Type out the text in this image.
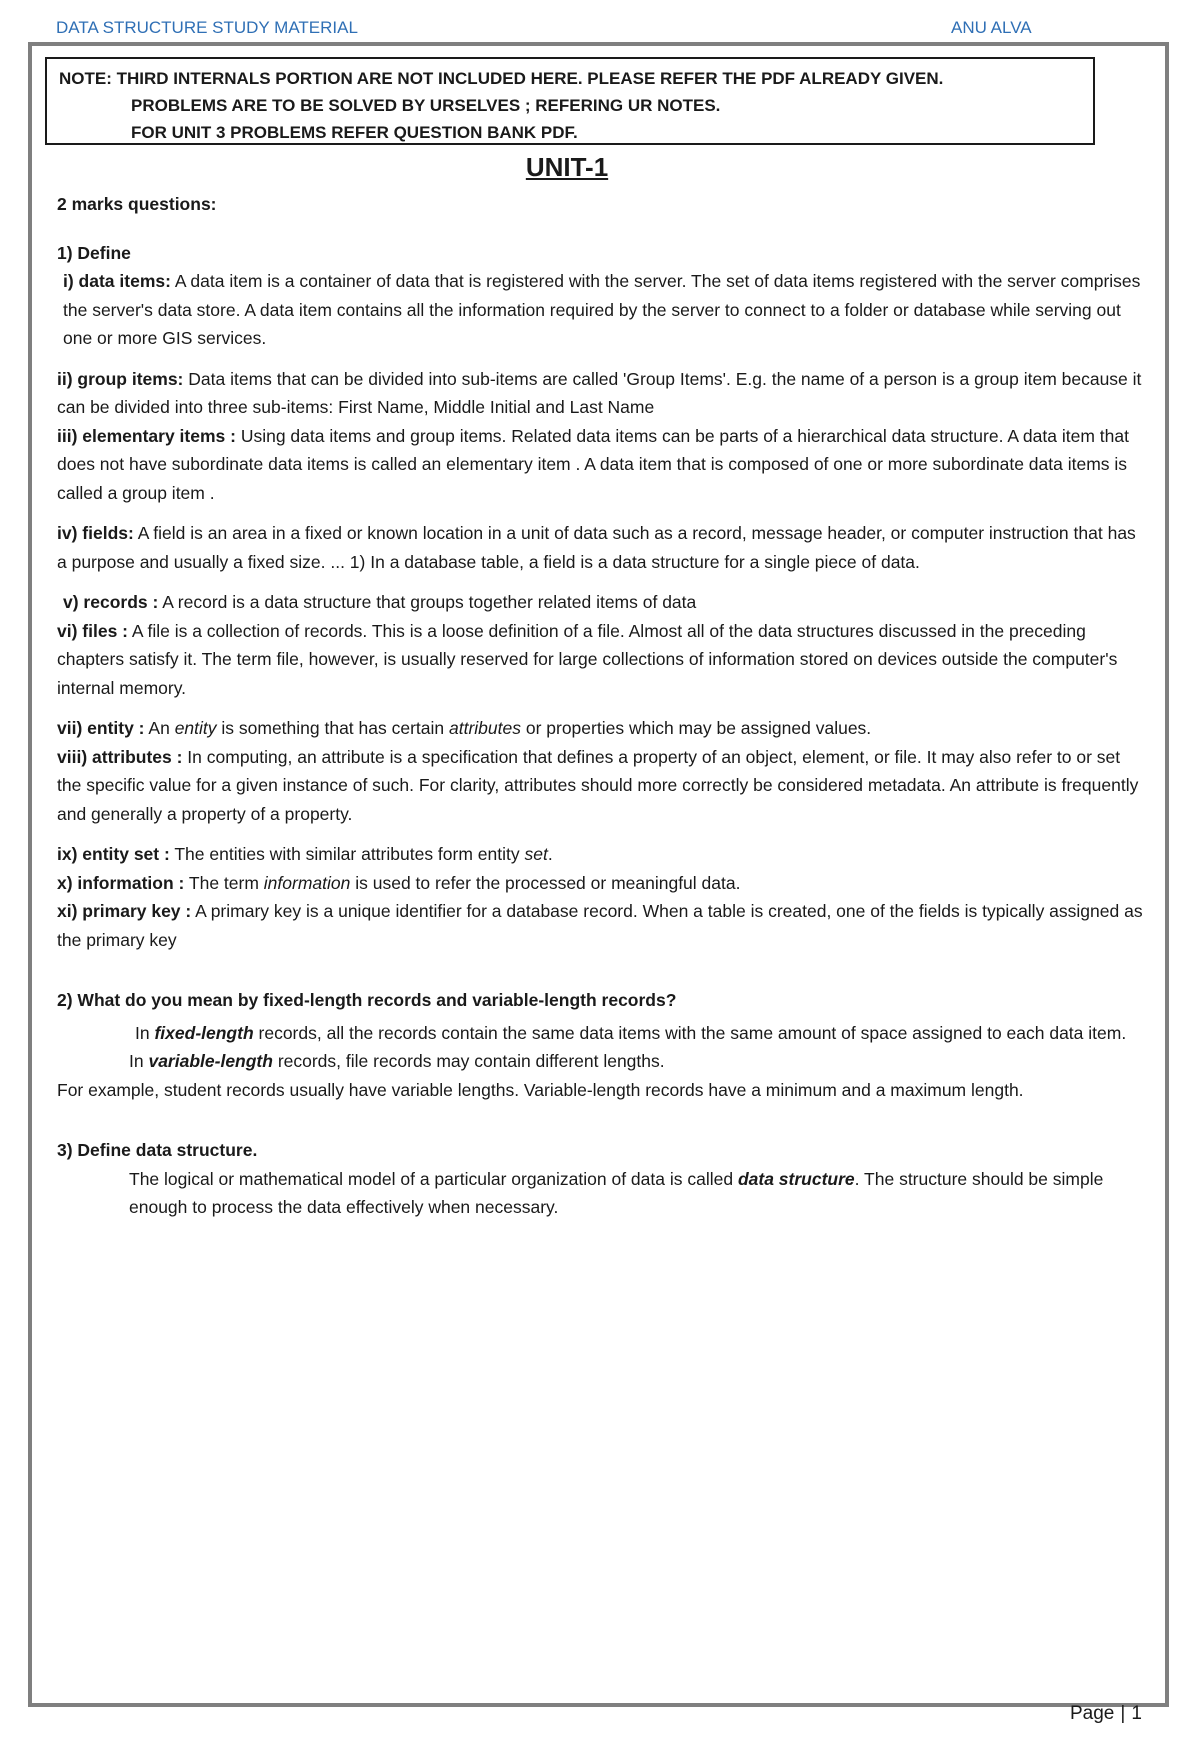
DATA STRUCTURE STUDY MATERIAL	ANU ALVA
NOTE: THIRD INTERNALS PORTION ARE NOT INCLUDED HERE. PLEASE REFER THE PDF ALREADY GIVEN.

PROBLEMS ARE TO BE SOLVED BY URSELVES ; REFERING UR NOTES.
FOR UNIT 3 PROBLEMS REFER QUESTION BANK PDF.
UNIT-1

2 marks questions:

1) Define

i) data items: A data item is a container of data that is registered with the server. The set of data items registered with the server comprises the server's data store. A data item contains all the information required by the server to connect to a folder or database while serving out one or more GIS services.

ii) group items: Data items that can be divided into sub-items are called 'Group Items'. E.g. the name of a person is a group item because it can be divided into three sub-items: First Name, Middle Initial and Last Name

iii) elementary items : Using data items and group items. Related data items can be parts of a hierarchical data structure. A data item that does not have subordinate data items is called an elementary item . A data item that is composed of one or more subordinate data items is called a group item .

iv) fields: A field is an area in a fixed or known location in a unit of data such as a record, message header, or computer instruction that has a purpose and usually a fixed size. ... 1) In a database table, a field is a data structure for a single piece of data.

v) records : A record is a data structure that groups together related items of data

vi) files : A file is a collection of records. This is a loose definition of a file. Almost all of the data structures discussed in the preceding chapters satisfy it. The term file, however, is usually reserved for large collections of information stored on devices outside the computer's internal memory.

vii) entity : An entity is something that has certain attributes or properties which may be assigned values.

viii) attributes : In computing, an attribute is a specification that defines a property of an object, element, or file. It may also refer to or set the specific value for a given instance of such. For clarity, attributes should more correctly be considered metadata. An attribute is frequently and generally a property of a property.

ix) entity set : The entities with similar attributes form entity set.

x) information : The term information is used to refer the processed or meaningful data.

xi) primary key : A primary key is a unique identifier for a database record. When a table is created, one of the fields is typically assigned as the primary key

2) What do you mean by fixed-length records and variable-length records?

In fixed-length records, all the records contain the same data items with the same amount of space assigned to each data item.

In variable-length records, file records may contain different lengths.

For example, student records usually have variable lengths. Variable-length records have a minimum and a maximum length.

3) Define data structure.

The logical or mathematical model of a particular organization of data is called data structure. The structure should be simple enough to process the data effectively when necessary.

Page | 1
